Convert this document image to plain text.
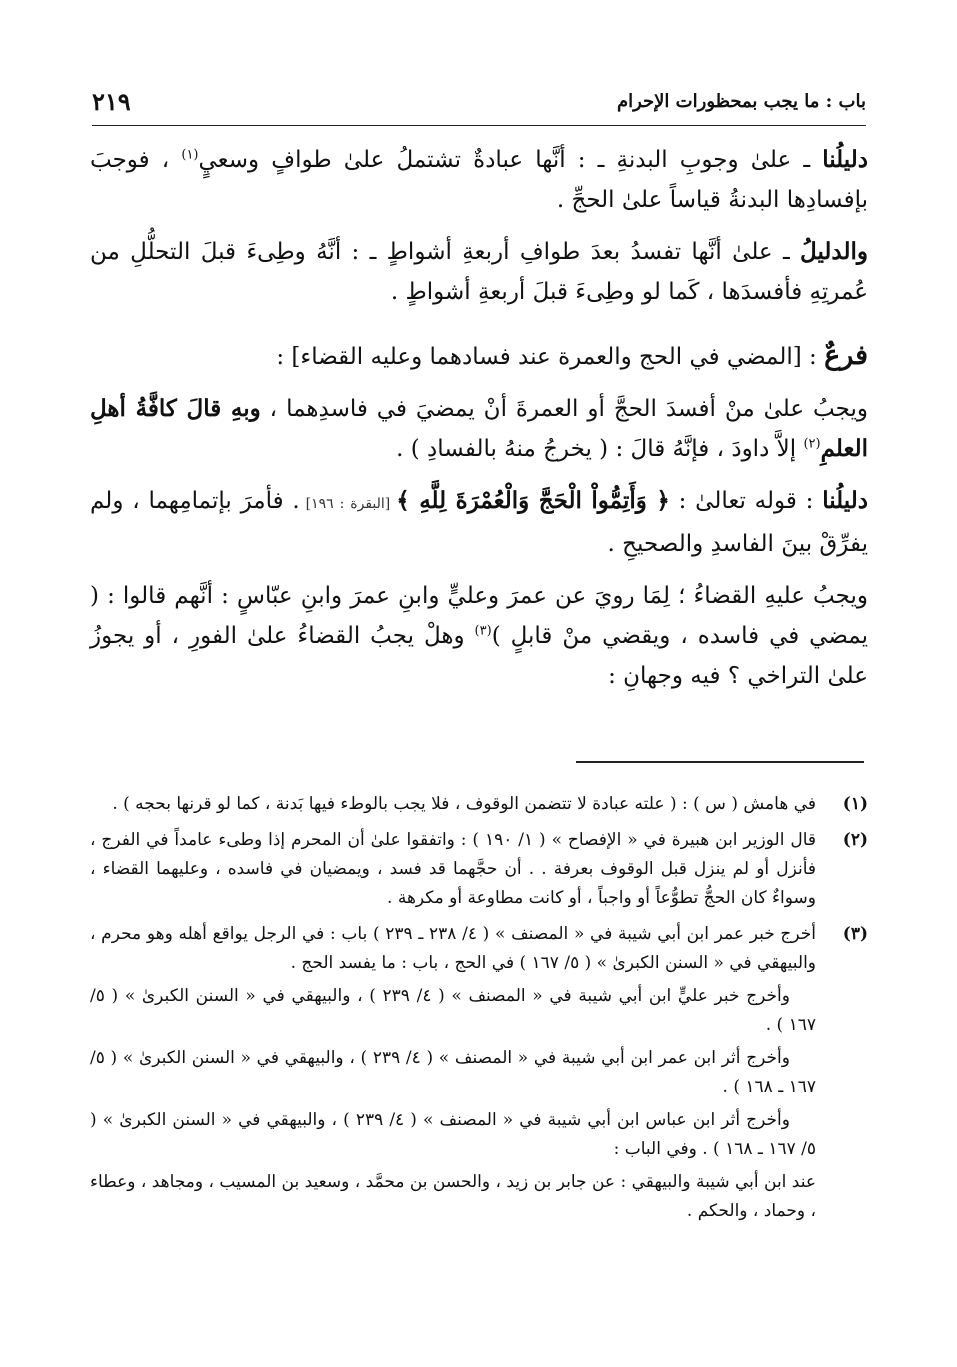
باب : ما يجب بمحظورات الإحرام
٢١٩

دليلُنا ـ علىٰ وجوبِ البدنةِ ـ : أنَّها عبادةٌ تشتملُ علىٰ طوافٍ وسعيٍ$^{(١)}$ ، فوجبَ بإفسادِها البدنةُ قياساً علىٰ الحجِّ .

والدليلُ ـ علىٰ أنَّها تفسدُ بعدَ طوافِ أربعةِ أشواطٍ ـ : أنَّهُ وطِىءَ قبلَ التحلُّلِ من عُمرتِهِ فأفسدَها ، كَما لو وطِىءَ قبلَ أربعةِ أشواطٍ .

فرعٌ : [المضي في الحج والعمرة عند فسادهما وعليه القضاء] :

ويجبُ علىٰ منْ أفسدَ الحجَّ أو العمرةَ أنْ يمضيَ في فاسدِهما ، وبهِ قالَ كافَّةُ أهلِ العلمِ$^{(٢)}$ إلاَّ داودَ ، فإنَّهُ قالَ : ( يخرجُ منهُ بالفسادِ ) .

دليلُنا : قوله تعالىٰ : ﴿ وَأَتِمُّواْ الْحَجَّ وَالْعُمْرَةَ لِلَّهِ ﴾ [البقرة : ١٩٦] . فأمرَ بإتمامِهما ، ولم يفرِّقْ بينَ الفاسدِ والصحيحِ .

ويجبُ عليهِ القضاءُ ؛ لِمَا رويَ عن عمرَ وعليٍّ وابنِ عمرَ وابنِ عبّاسٍ : أنَّهم قالوا : ( يمضي في فاسده ، ويقضي منْ قابلٍ )$^{(٣)}$ وهلْ يجبُ القضاءُ علىٰ الفورِ ، أو يجوزُ علىٰ التراخي ؟ فيه وجهانِ :

(١)

في هامش ( س ) : ( علته عبادة لا تتضمن الوقوف ، فلا يجب بالوطء فيها بَدنة ، كما لو قرنها بحجه ) .

(٢)

قال الوزير ابن هبيرة في « الإفصاح » ( ١/ ١٩٠ ) : واتفقوا علىٰ أن المحرم إذا وطىء عامداً في الفرج ، فأنزل أو لم ينزل قبل الوقوف بعرفة . . أن حجَّهما قد فسد ، ويمضيان في فاسده ، وعليهما القضاء ، وسواءٌ كان الحجُّ تطوُّعاً أو واجباً ، أو كانت مطاوعة أو مكرهة .

(٣)

أخرج خبر عمر ابن أبي شيبة في « المصنف » ( ٤/ ٢٣٨ ـ ٢٣٩ ) باب : في الرجل يواقع أهله وهو محرم ، والبيهقي في « السنن الكبرىٰ » ( ٥/ ١٦٧ ) في الحج ، باب : ما يفسد الحج .

وأخرج خبر عليٍّ ابن أبي شيبة في « المصنف » ( ٤/ ٢٣٩ ) ، والبيهقي في « السنن الكبرىٰ » ( ٥/ ١٦٧ ) .

وأخرج أثر ابن عمر ابن أبي شيبة في « المصنف » ( ٤/ ٢٣٩ ) ، والبيهقي في « السنن الكبرىٰ » ( ٥/ ١٦٧ ـ ١٦٨ ) .

وأخرج أثر ابن عباس ابن أبي شيبة في « المصنف » ( ٤/ ٢٣٩ ) ، والبيهقي في « السنن الكبرىٰ » ( ٥/ ١٦٧ ـ ١٦٨ ) . وفي الباب :

عند ابن أبي شيبة والبيهقي : عن جابر بن زيد ، والحسن بن محمَّد ، وسعيد بن المسيب ، ومجاهد ، وعطاء ، وحماد ، والحكم .
